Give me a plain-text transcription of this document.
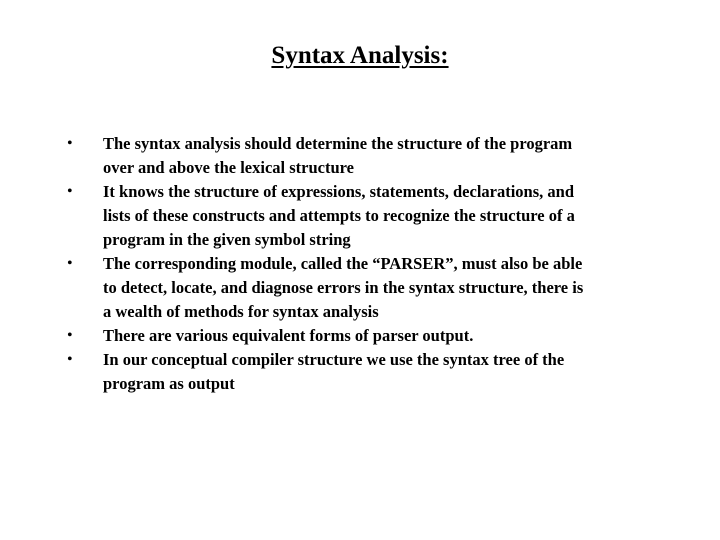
Syntax Analysis:
• The syntax analysis should determine the structure of the program
over and above the lexical structure
• It knows the structure of expressions, statements, declarations, and
lists of these constructs and attempts to recognize the structure of a
program in the given symbol string
• The corresponding module, called the “PARSER”, must also be able
to detect, locate, and diagnose errors in the syntax structure, there is
a wealth of methods for syntax analysis
• There are various equivalent forms of parser output.
• In our conceptual compiler structure we use the syntax tree of the
program as output
